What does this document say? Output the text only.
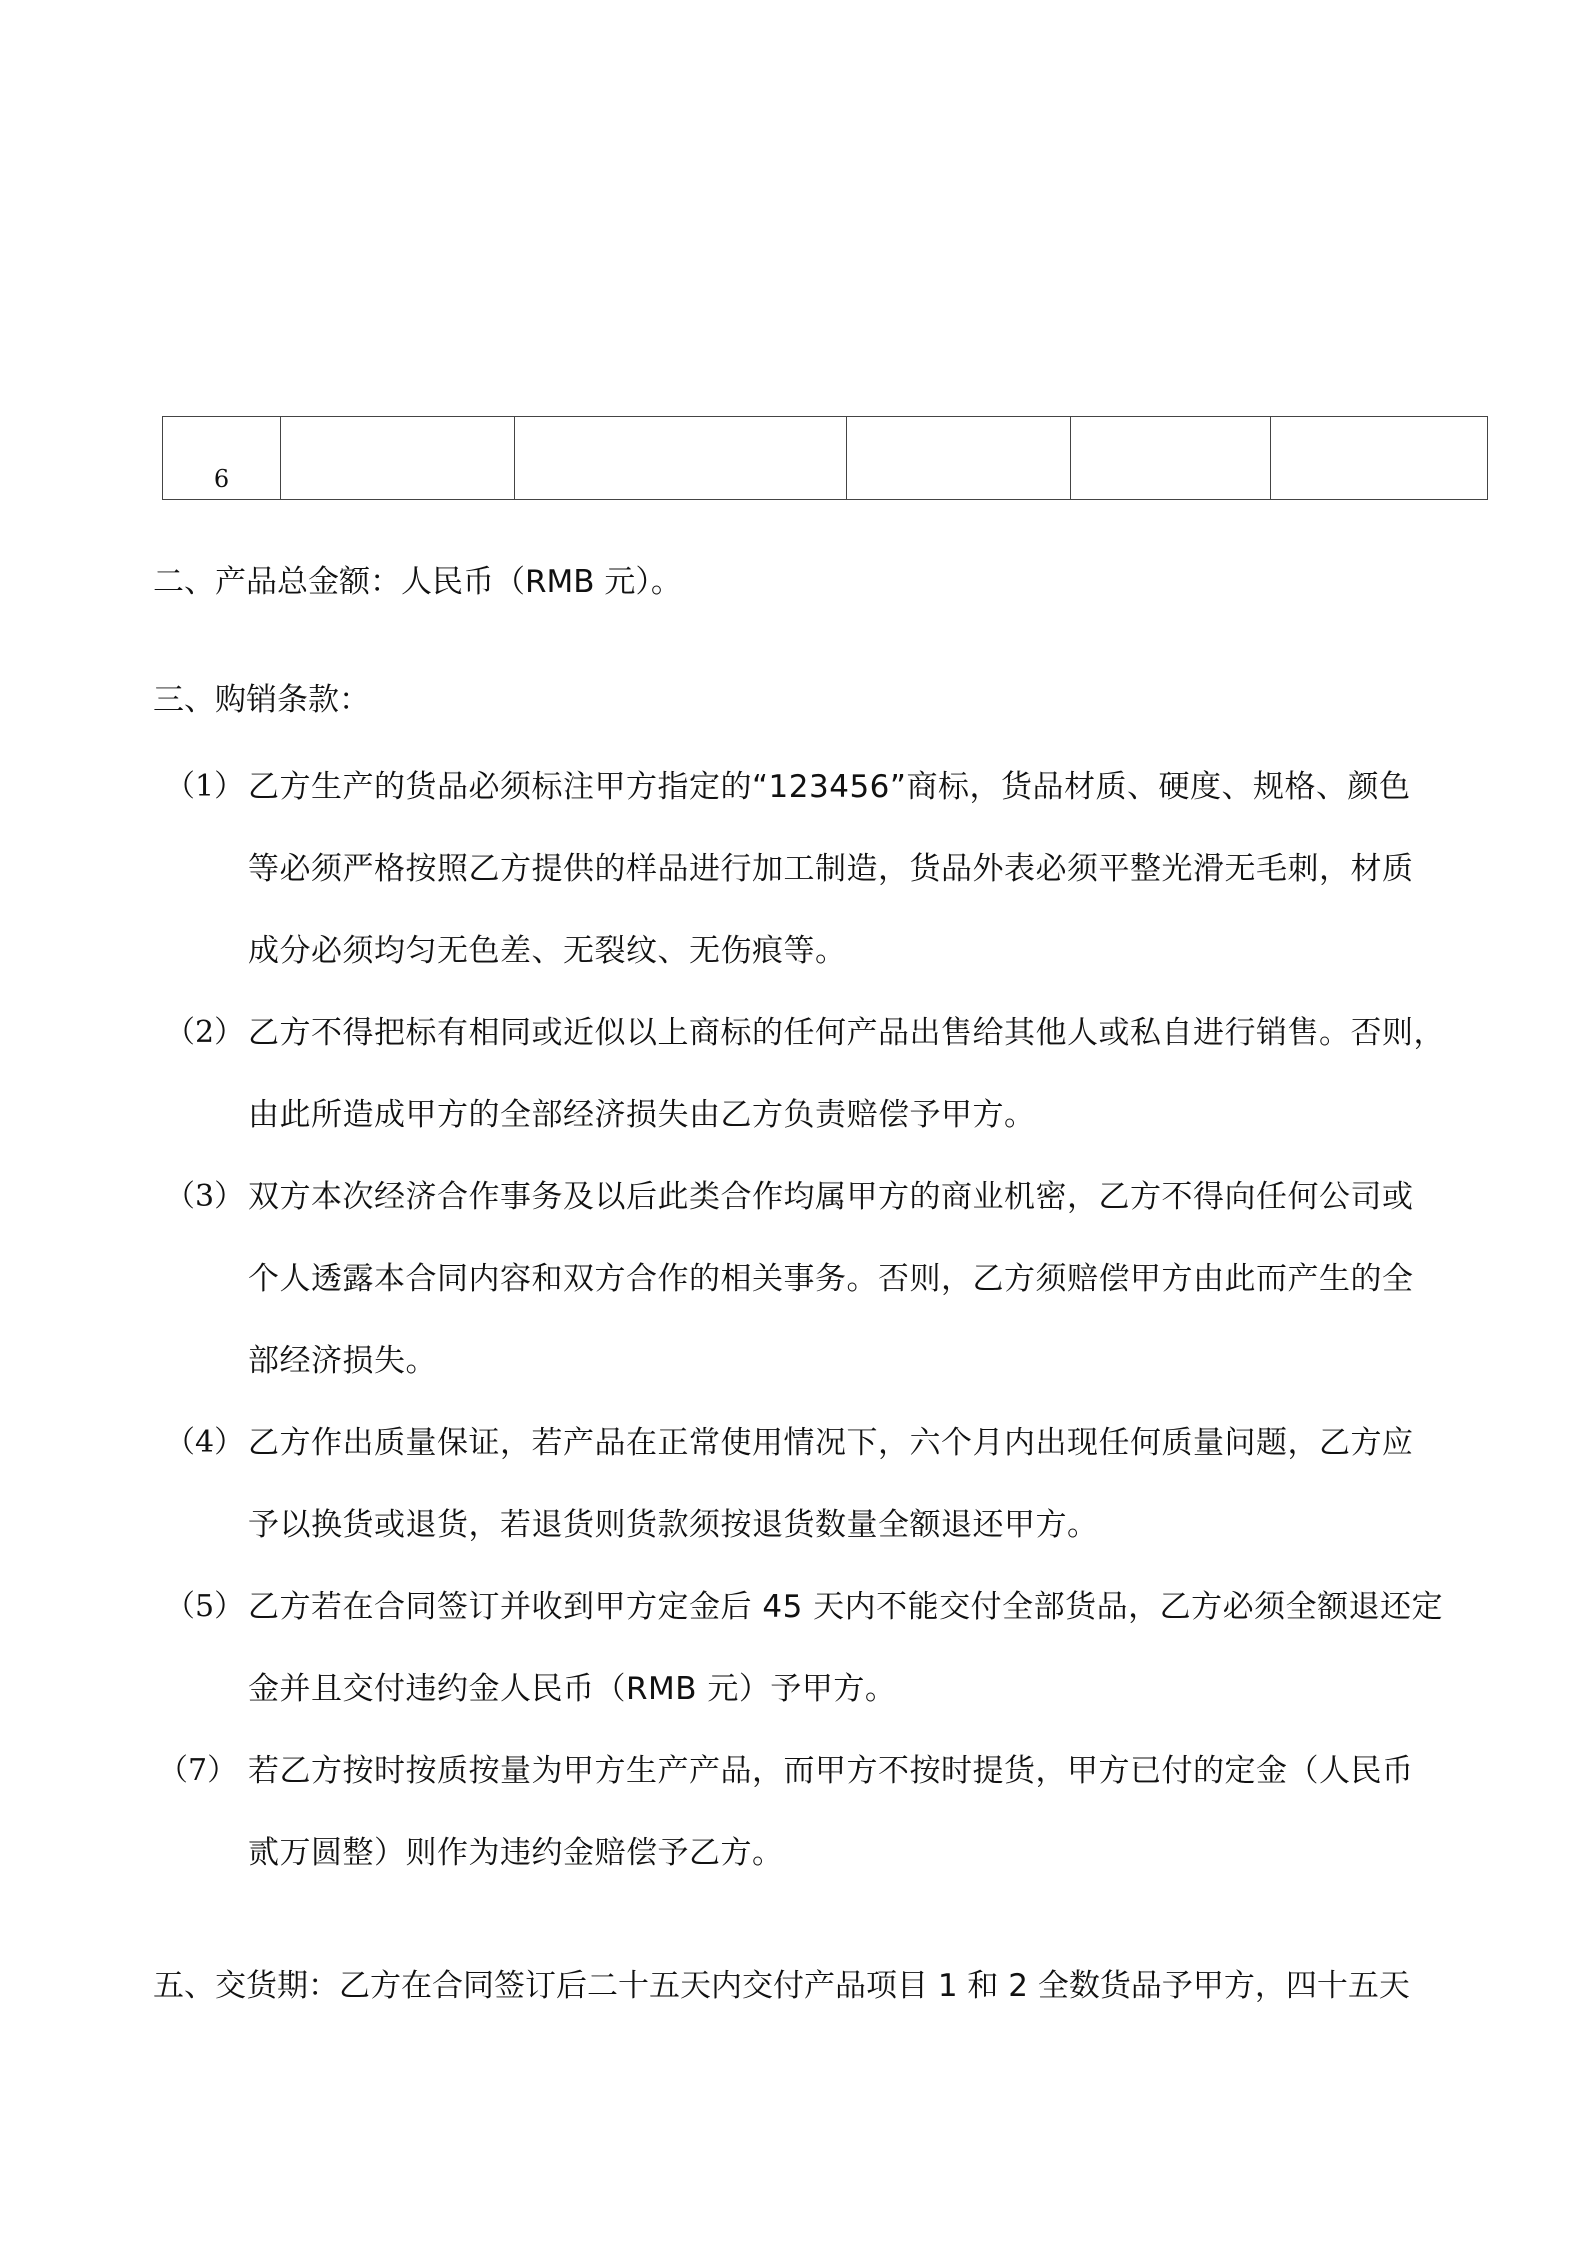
6					
二、产品总金额：人民币（RMB 元）。
三、购销条款：
（1） 乙方生产的货品必须标注甲方指定的“123456”商标，货品材质、硬度、规格、颜色
等必须严格按照乙方提供的样品进行加工制造，货品外表必须平整光滑无毛刺，材质
成分必须均匀无色差、无裂纹、无伤痕等。
（2） 乙方不得把标有相同或近似以上商标的任何产品出售给其他人或私自进行销售。否则，
由此所造成甲方的全部经济损失由乙方负责赔偿予甲方。
（3） 双方本次经济合作事务及以后此类合作均属甲方的商业机密，乙方不得向任何公司或
个人透露本合同内容和双方合作的相关事务。否则，乙方须赔偿甲方由此而产生的全
部经济损失。
（4） 乙方作出质量保证，若产品在正常使用情况下，六个月内出现任何质量问题，乙方应
予以换货或退货，若退货则货款须按退货数量全额退还甲方。
（5） 乙方若在合同签订并收到甲方定金后 45 天内不能交付全部货品，乙方必须全额退还定
金并且交付违约金人民币（RMB 元）予甲方。
（7） 若乙方按时按质按量为甲方生产产品，而甲方不按时提货，甲方已付的定金（人民币
贰万圆整）则作为违约金赔偿予乙方。
五、交货期：乙方在合同签订后二十五天内交付产品项目 1 和 2 全数货品予甲方，四十五天
